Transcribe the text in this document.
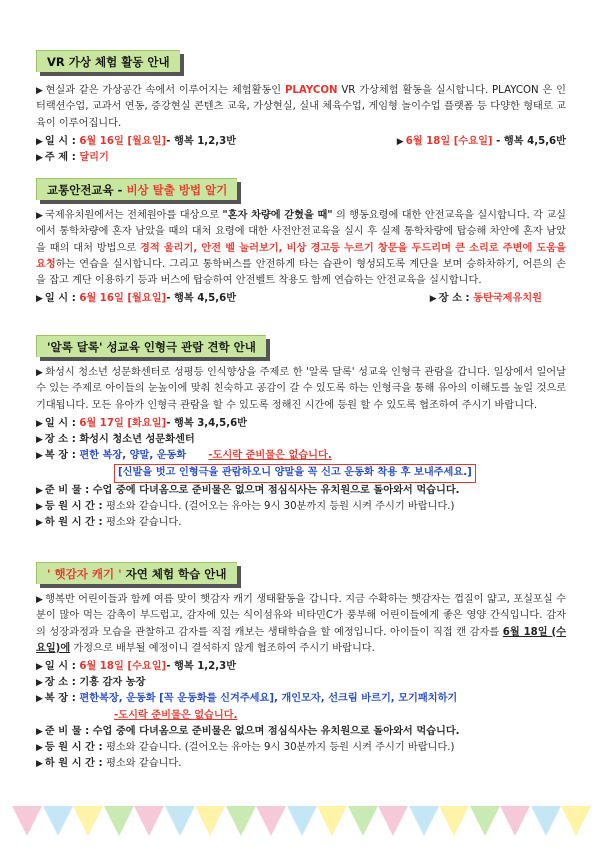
VR 가상 체험 활동 안내
▶ 현실과 같은 가상공간 속에서 이루어지는 체험활동인 PLAYCON VR 가상체험 활동을 실시합니다. PLAYCON 은 인터랙션수업, 교과서 연동, 증강현실 콘텐츠 교육, 가상현실, 실내 체육수업, 게임형 놀이수업 플랫폼 등 다양한 형태로 교육이 이루어집니다.
▶ 일 시 :
6월 16일 [월요일] - 행복 1,2,3반	▶ 6월 18일 [수요일] - 행복 4,5,6반
▶ 주 제 :
달리기
교통안전교육 - 비상 탈출 방법 알기
▶ 국제유치원에서는 전체원아를 대상으로 "혼자 차량에 갇혔을 때" 의 행동요령에 대한 안전교육을 실시합니다. 각 교실에서 통학차량에 혼자 남았을 때의 대처 요령에 대한 사전안전교육을 실시 후 실제 통학차량에 탑승해 차안에 혼자 남았을 때의 대처 방법으로 경적 울리기, 안전 벨 눌러보기, 비상 경고등 누르기 창문을 두드리며 큰 소리로 주변에 도움을 요청하는 연습을 실시합니다. 그리고 통학버스를 안전하게 타는 습관이 형성되도록 계단을 보며 승하차하기, 어른의 손을 잡고 계단 이용하기 등과 버스에 탑승하여 안전벨트 착용도 함께 연습하는 안전교육을 실시합니다.
▶ 일 시 :
6월 16일 [월요일] - 행복 4,5,6반	▶ 장 소 : 동탄국제유치원
'알록 달록' 성교육 인형극 관람 견학 안내
▶ 화성시 청소년 성문화센터로 성평등 인식향상을 주제로 한 '알록 달록' 성교육 인형극 관람을 갑니다. 일상에서 일어날 수 있는 주제로 아이들의 눈높이에 맞춰 친숙하고 공감이 갈 수 있도록 하는 인형극을 통해 유아의 이해도를 높일 것으로 기대됩니다. 모든 유아가 인형극 관람을 할 수 있도록 정해진 시간에 등원 할 수 있도록 협조하여 주시기 바랍니다.
▶ 일 시 :
6월 17일 [화요일] - 행복 3,4,5,6반
▶ 장 소 :
화성시 청소년 성문화센터
▶ 복 장 :
편한 복장, 양말, 운동화 -도시락 준비물은 없습니다.
[신발을 벗고 인형극을 관람하오니 양말을 꼭 신고 운동화 착용 후 보내주세요.]
▶ 준 비 물 :
수업 중에 다녀옴으로 준비물은 없으며 점심식사는 유치원으로 돌아와서 먹습니다.
▶ 등 원 시 간 :
평소와 같습니다. (걸어오는 유아는 9시 30분까지 등원 시켜 주시기 바랍니다.)
▶ 하 원 시 간 :
평소와 같습니다.
' 햇감자 캐기 ' 자연 체험 학습 안내
▶ 행복반 어린이들과 함께 여름 맞이 햇감자 캐기 생태활동을 갑니다. 지금 수확하는 햇감자는 껍질이 얇고, 포실포실 수분이 많아 먹는 감촉이 부드럽고, 감자에 있는 식이섬유와 비타민C가 풍부해 어린이들에게 좋은 영양 간식입니다. 감자의 성장과정과 모습을 관찰하고 감자를 직접 캐보는 생태학습을 할 예정입니다. 아이들이 직접 캔 감자를 6월 18일 (수요일)에 가정으로 배부될 예정이니 결석하지 않게 협조하여 주시기 바랍니다.
▶ 일 시 :
6월 18일 [수요일] - 행복 1,2,3반
▶ 장 소 :
기흥 감자 농장
▶ 복 장 :
편한복장, 운동화 [꼭 운동화를 신겨주세요], 개인모자, 선크림 바르기, 모기패치하기
-도시락 준비물은 없습니다.
▶ 준 비 물 :
수업 중에 다녀옴으로 준비물은 없으며 점심식사는 유치원으로 돌아와서 먹습니다.
▶ 등 원 시 간 :
평소와 같습니다. (걸어오는 유아는 9시 30분까지 등원 시켜 주시기 바랍니다.)
▶ 하 원 시 간 :
평소와 같습니다.
